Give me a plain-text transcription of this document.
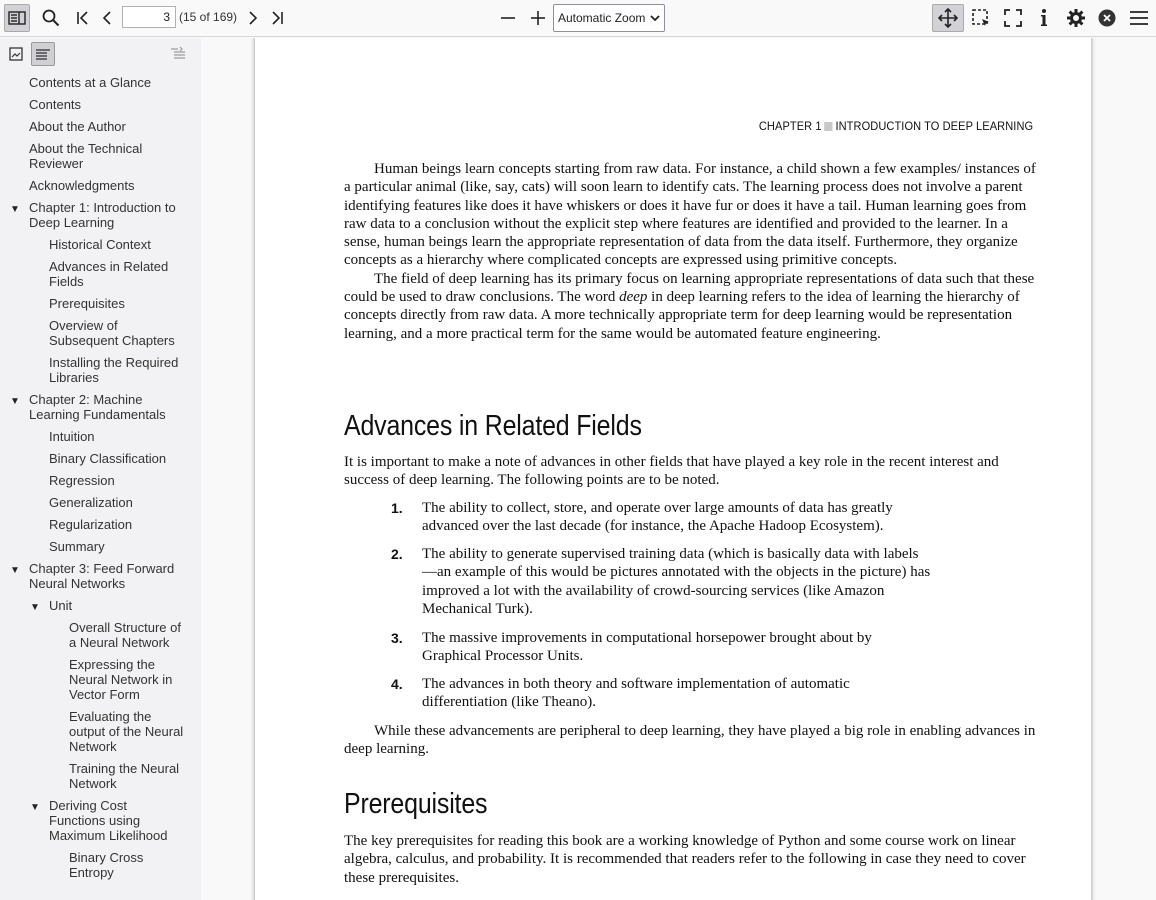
3
(15 of 169)	Automatic Zoom
Contents at a Glance
Contents
About the Author
About the Technical Reviewer
Acknowledgments
Chapter 1: Introduction to Deep Learning
▼
Historical Context
Advances in Related Fields
Prerequisites
Overview of Subsequent Chapters
Installing the Required Libraries
Chapter 2: Machine Learning Fundamentals
▼
Intuition
Binary Classification
Regression
Generalization
Regularization
Summary
Chapter 3: Feed Forward Neural Networks
▼
Unit
▼
Overall Structure of a Neural Network
Expressing the Neural Network in Vector Form
Evaluating the output of the Neural Network
Training the Neural Network
Deriving Cost Functions using Maximum Likelihood
▼
Binary Cross Entropy
CHAPTER 1 INTRODUCTION TO DEEP LEARNING

Human beings learn concepts starting from raw data. For instance, a child shown a few examples/ instances of a particular animal (like, say, cats) will soon learn to identify cats. The learning process does not involve a parent identifying features like does it have whiskers or does it have fur or does it have a tail. Human learning goes from raw data to a conclusion without the explicit step where features are identified and provided to the learner. In a sense, human beings learn the appropriate representation of data from the data itself. Furthermore, they organize concepts as a hierarchy where complicated concepts are expressed using primitive concepts.

The field of deep learning has its primary focus on learning appropriate representations of data such that these could be used to draw conclusions. The word deep in deep learning refers to the idea of learning the hierarchy of concepts directly from raw data. A more technically appropriate term for deep learning would be representation learning, and a more practical term for the same would be automated feature engineering.

Advances in Related Fields
It is important to make a note of advances in other fields that have played a key role in the recent interest and success of deep learning. The following points are to be noted.
1. The ability to collect, store, and operate over large amounts of data has greatly advanced over the last decade (for instance, the Apache Hadoop Ecosystem).
2. The ability to generate supervised training data (which is basically data with labels—an example of this would be pictures annotated with the objects in the picture) has improved a lot with the availability of crowd-sourcing services (like Amazon Mechanical Turk).
3. The massive improvements in computational horsepower brought about by Graphical Processor Units.
4. The advances in both theory and software implementation of automatic differentiation (like Theano).

While these advancements are peripheral to deep learning, they have played a big role in enabling advances in deep learning.

Prerequisites
The key prerequisites for reading this book are a working knowledge of Python and some course work on linear algebra, calculus, and probability. It is recommended that readers refer to the following in case they need to cover these prerequisites.
